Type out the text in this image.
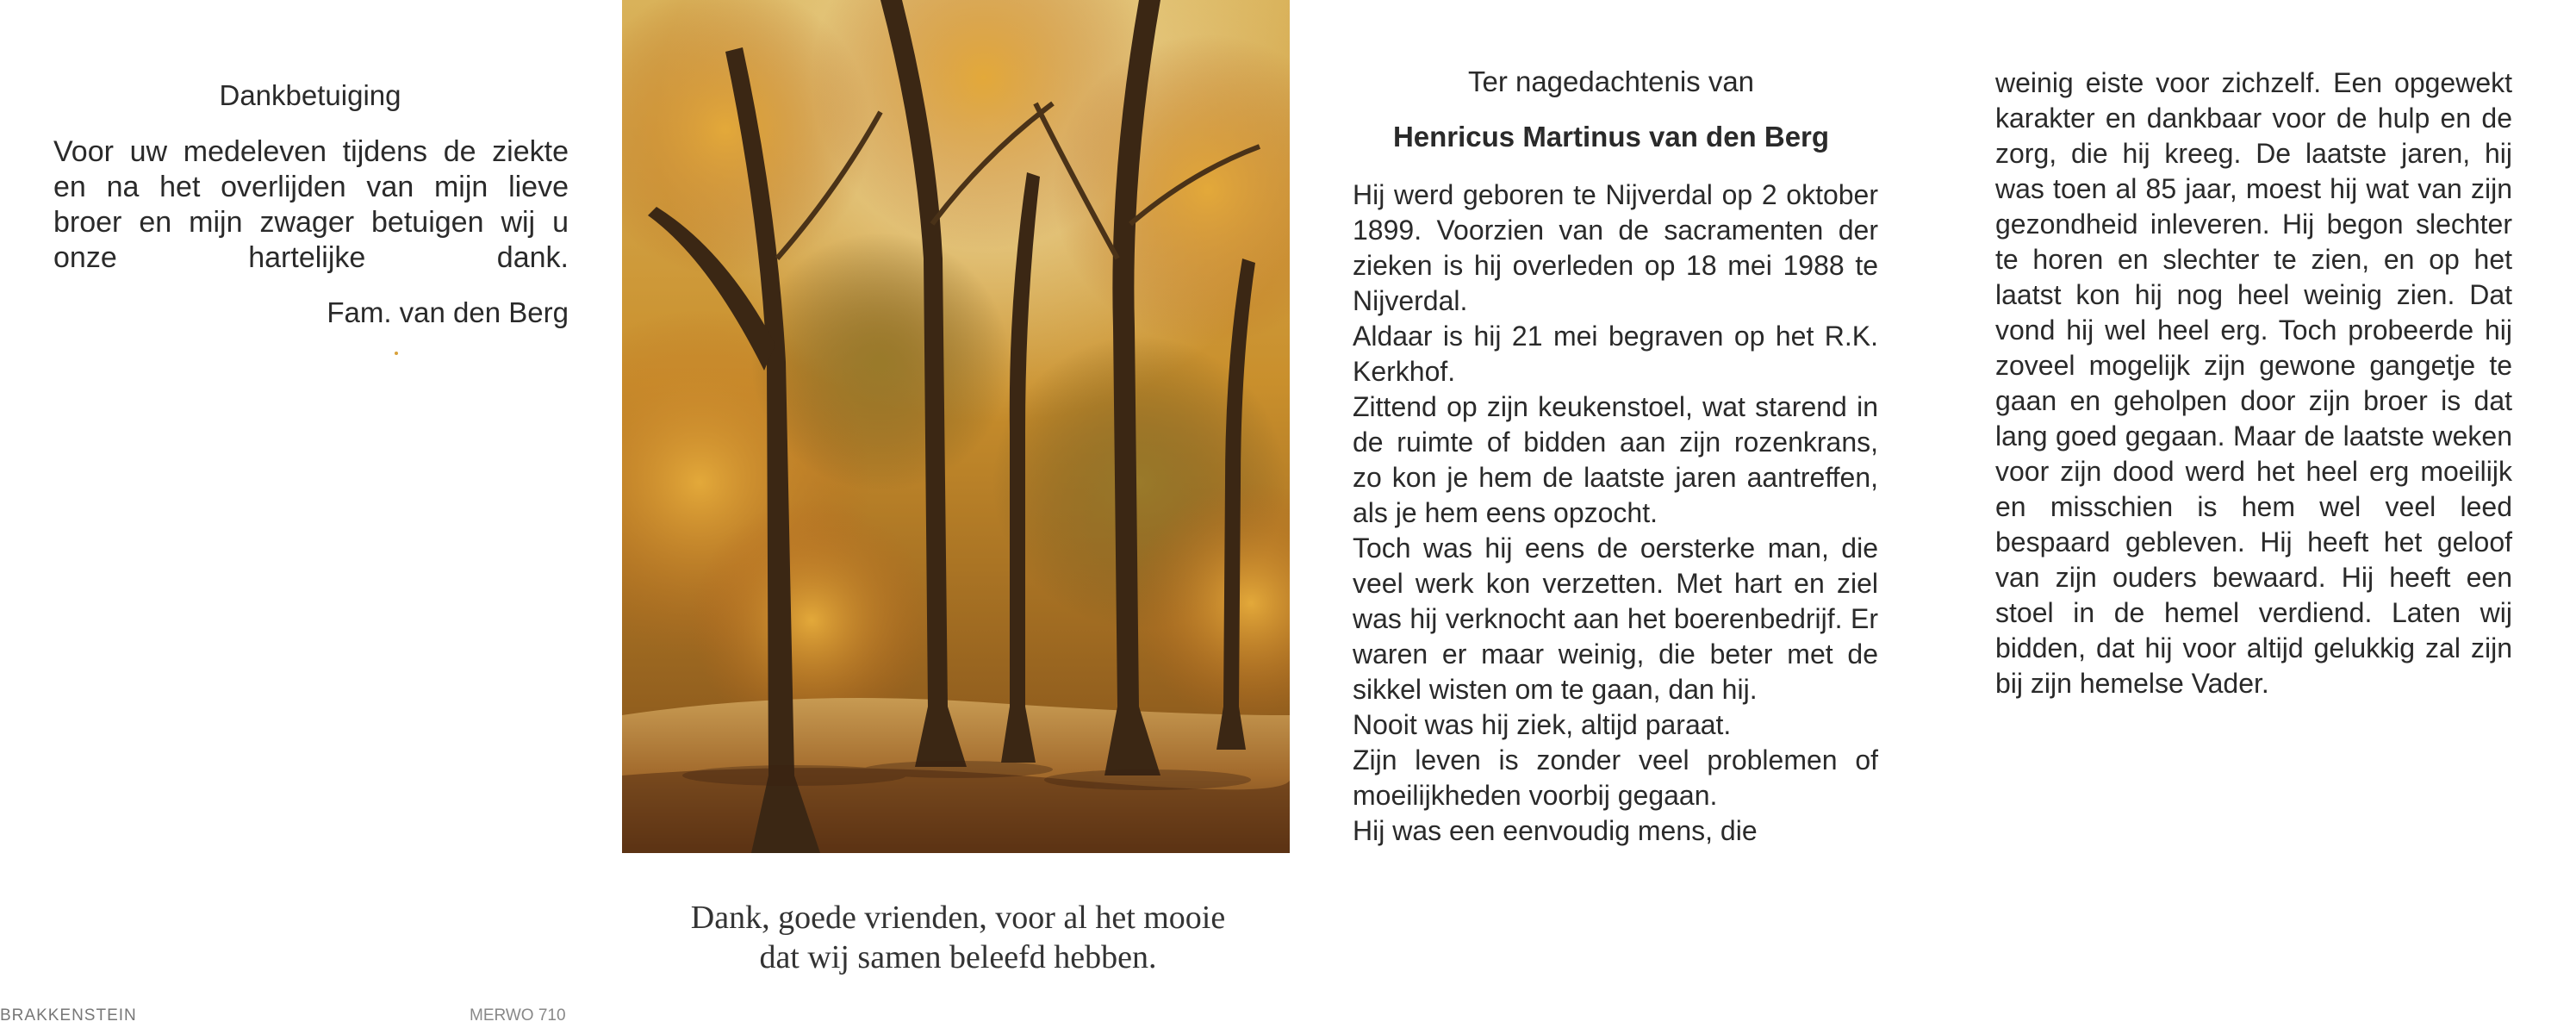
Dankbetuiging
Voor uw medeleven tijdens de ziekte en na het overlijden van mijn lieve broer en mijn zwager betuigen wij u onze hartelijke dank.
Fam. van den Berg
BRAKKENSTEIN	MERWO 710
Dank, goede vrienden, voor al het mooie
dat wij samen beleefd hebben.
Ter nagedachtenis van
Henricus Martinus van den Berg

Hij werd geboren te Nijverdal op 2 oktober 1899. Voorzien van de sacramenten der zieken is hij overleden op 18 mei 1988 te Nijverdal.

Aldaar is hij 21 mei begraven op het R.K. Kerkhof.

Zittend op zijn keukenstoel, wat starend in de ruimte of bidden aan zijn rozenkrans, zo kon je hem de laatste jaren aantreffen, als je hem eens opzocht.

Toch was hij eens de oersterke man, die veel werk kon verzetten. Met hart en ziel was hij verknocht aan het boerenbedrijf. Er waren er maar weinig, die beter met de sikkel wisten om te gaan, dan hij.

Nooit was hij ziek, altijd paraat.

Zijn leven is zonder veel problemen of moeilijkheden voorbij gegaan.

Hij was een eenvoudig mens, die

weinig eiste voor zichzelf. Een opgewekt karakter en dankbaar voor de hulp en de zorg, die hij kreeg. De laatste jaren, hij was toen al 85 jaar, moest hij wat van zijn gezondheid inleveren. Hij begon slechter te horen en slechter te zien, en op het laatst kon hij nog heel weinig zien. Dat vond hij wel heel erg. Toch probeerde hij zoveel mogelijk zijn gewone gangetje te gaan en geholpen door zijn broer is dat lang goed gegaan. Maar de laatste weken voor zijn dood werd het heel erg moeilijk en misschien is hem wel veel leed bespaard gebleven. Hij heeft het geloof van zijn ouders bewaard. Hij heeft een stoel in de hemel verdiend. Laten wij bidden, dat hij voor altijd gelukkig zal zijn bij zijn hemelse Vader.
